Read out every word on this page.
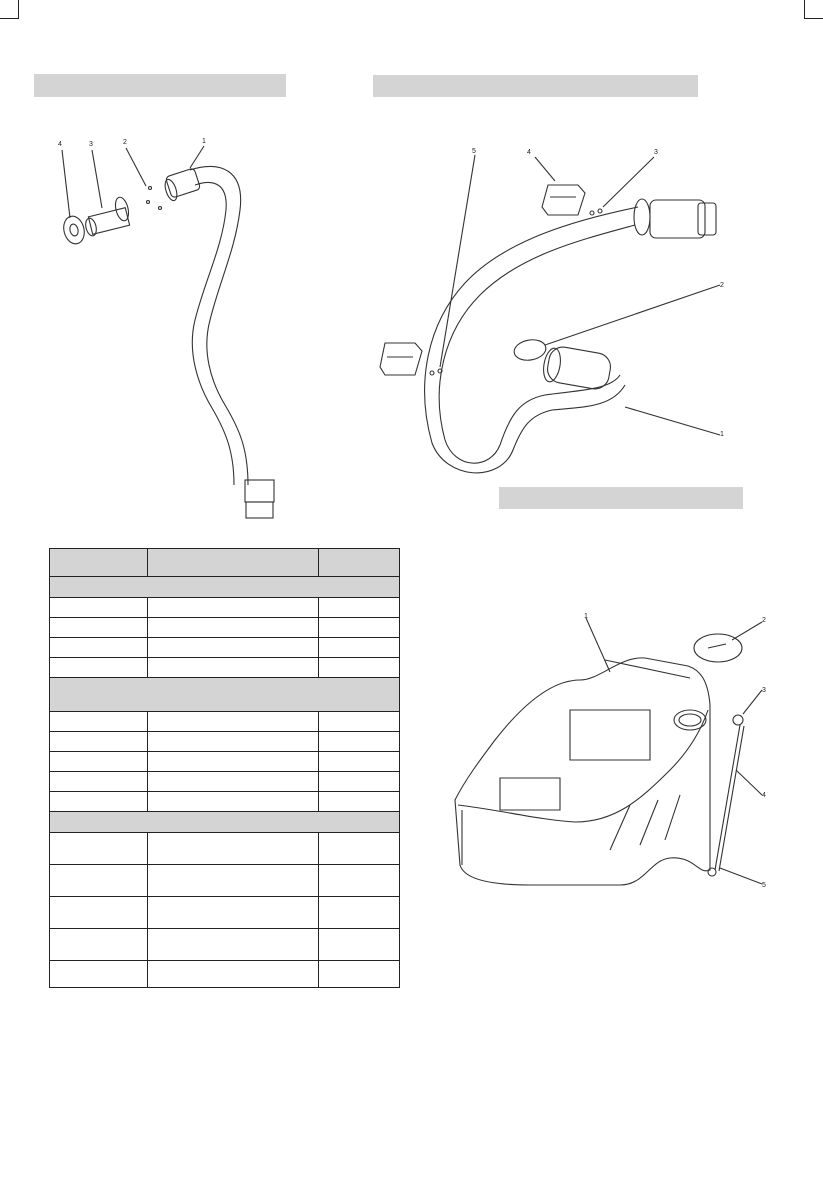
4	3	2	1
5	4	3
2
1
1
2
3
4
5
